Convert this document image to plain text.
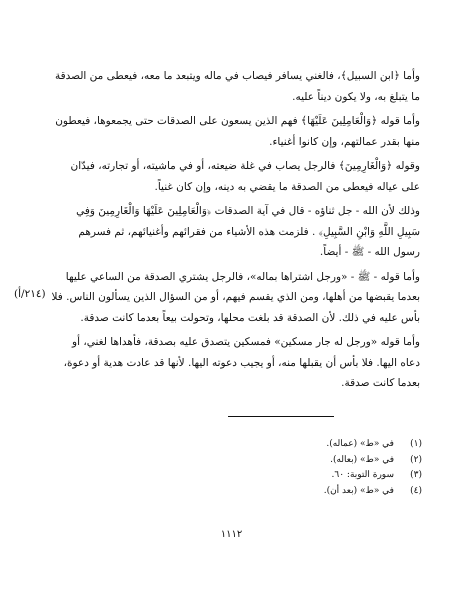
وأما ﴿ابن السبيل﴾، فالغني يسافر فيصاب في ماله ويتبعد ما معه، فيعطى من الصدقة ما يتبلغ به، ولا يكون ديناً عليه.

وأما قوله ﴿وَالْعَامِلِينَ عَلَيْهَا﴾ فهم الذين يسعون على الصدقات حتى يجمعوها، فيعطون منها بقدر عمالتهم، وإن كانوا أغنياء.

وقوله ﴿وَالْغَارِمِينَ﴾ فالرجل يصاب في غلة ضيعته، أو في ماشيته، أو تجارته، فيدّان على عياله فيعطى من الصدقة ما يقضي به دينه، وإن كان غنياً.

وذلك لأن الله - جل ثناؤه - قال في آية الصدقات ﴿وَالْعَامِلِينَ عَلَيْهَا وَالْغَارِمِينَ وَفِي سَبِيلِ اللَّهِ وَابْنِ السَّبِيلِ﴾ . فلزمت هذه الأشياء من فقرائهم وأغنيائهم، ثم فسرهم رسول الله - ﷺ - أيضاً.

وأما قوله - ﷺ - «ورجل اشتراها بماله»، فالرجل يشتري الصدقة من الساعي عليها بعدما يقبضها من أهلها، ومن الذي يقسم فيهم، أو من السؤال الذين يسألون الناس. فلا بأس عليه في ذلك. لأن الصدقة قد بلغت محلها، وتحولت بيعاً بعدما كانت صدقة.

وأما قوله «ورجل له جار مسكين» فمسكين يتصدق عليه بصدقة، فأهداها لغني، أو دعاه اليها. فلا بأس أن يقبلها منه، أو يجيب دعوته اليها. لأنها قد عادت هدية أو دعوة، بعدما كانت صدقة.

(٢١٤/أ)
(١)
في «ط» (عماله).
(٢)
في «ط» (بعاله).
(٣)
سورة التوبة: ٦٠.
(٤)
في «ط» (بعد أن).
١١١٢
